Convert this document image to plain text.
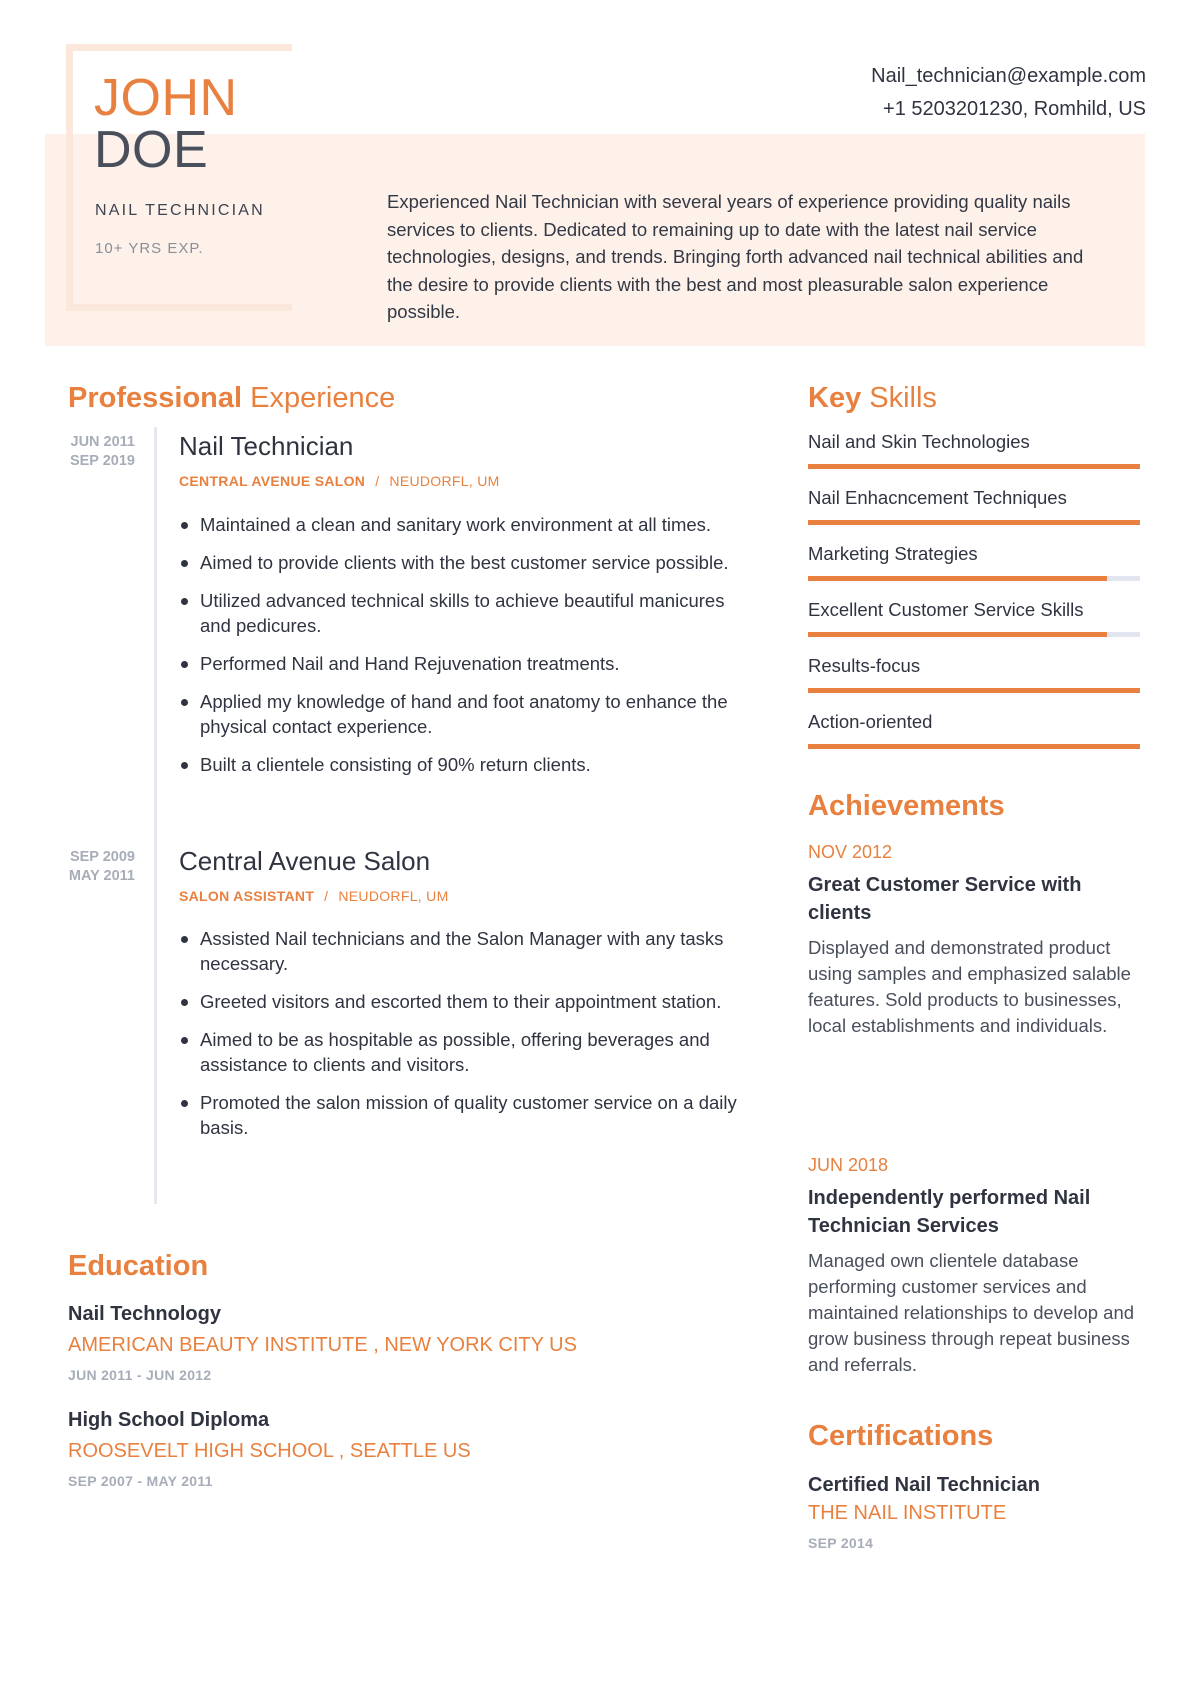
JOHN
DOE
NAIL TECHNICIAN
10+ YRS EXP.
Nail_technician@example.com
+1 5203201230, Romhild, US
Experienced Nail Technician with several years of experience providing quality nails services to clients. Dedicated to remaining up to date with the latest nail service technologies, designs, and trends. Bringing forth advanced nail technical abilities and the desire to provide clients with the best and most pleasurable salon experience possible.
Professional Experience
JUN 2011
SEP 2019 Nail Technician
CENTRAL AVENUE SALON / NEUDORFL, UM
Maintained a clean and sanitary work environment at all times.
Aimed to provide clients with the best customer service possible.
Utilized advanced technical skills to achieve beautiful manicures and pedicures.
Performed Nail and Hand Rejuvenation treatments.
Applied my knowledge of hand and foot anatomy to enhance the physical contact experience.
Built a clientele consisting of 90% return clients.
SEP 2009
MAY 2011 Central Avenue Salon
SALON ASSISTANT / NEUDORFL, UM
Assisted Nail technicians and the Salon Manager with any tasks necessary.
Greeted visitors and escorted them to their appointment station.
Aimed to be as hospitable as possible, offering beverages and assistance to clients and visitors.
Promoted the salon mission of quality customer service on a daily basis.
Education
Nail Technology
AMERICAN BEAUTY INSTITUTE , NEW YORK CITY US
JUN 2011 - JUN 2012
High School Diploma
ROOSEVELT HIGH SCHOOL , SEATTLE US
SEP 2007 - MAY 2011
Key Skills
Nail and Skin Technologies
Nail Enhacncement Techniques
Marketing Strategies
Excellent Customer Service Skills
Results-focus
Action-oriented
Achievements
NOV 2012
Great Customer Service with clients
Displayed and demonstrated product using samples and emphasized salable features. Sold products to businesses, local establishments and individuals.
JUN 2018
Independently performed Nail Technician Services
Managed own clientele database performing customer services and maintained relationships to develop and grow business through repeat business and referrals.
Certifications
Certified Nail Technician
THE NAIL INSTITUTE
SEP 2014
